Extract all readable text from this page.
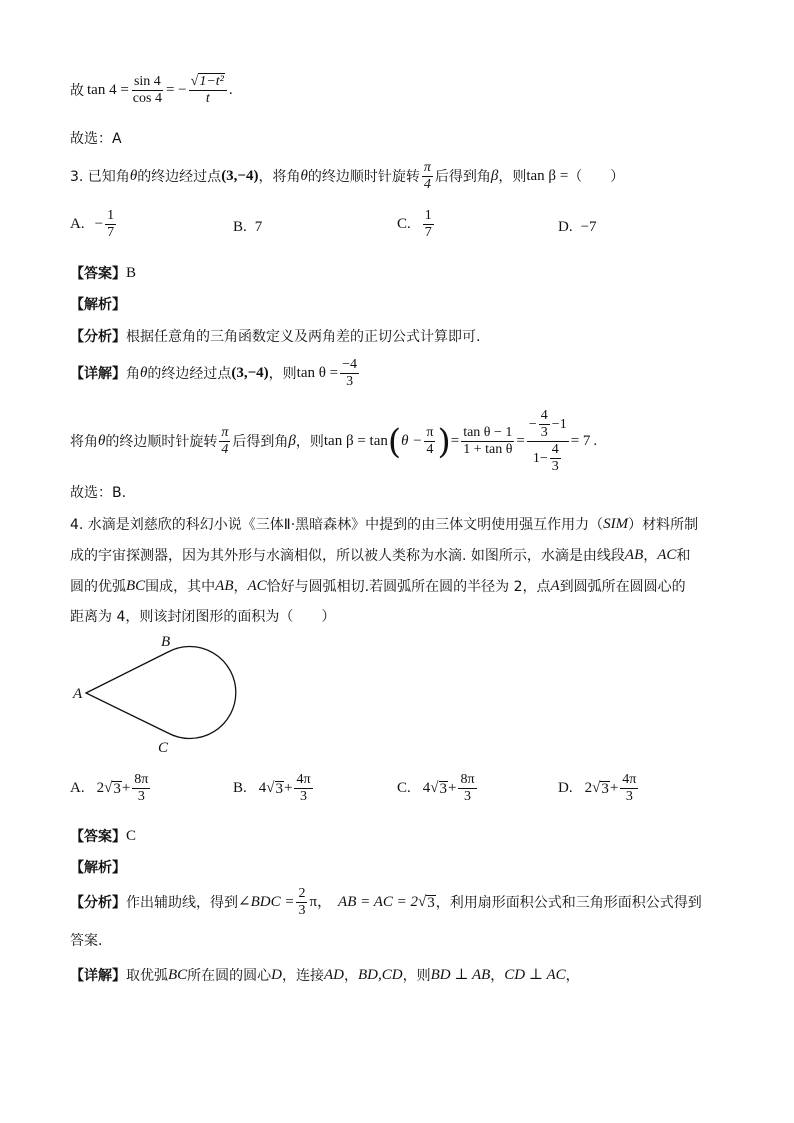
故 $\tan 4 = \frac{\sin 4}{\cos 4}$ = − $\frac{\text{√1−t²}}{t}$ .
故选：A
3. 已知角 θ 的终边经过点 (3,−4) ，将角 θ 的终边顺时针旋转 $\frac{\pi}{4}$ 后得到角 β ，则 tan β = （　　）
A. − $\frac{1}{7}$	B. 7	C. $\frac{1}{7}$	D. −7
【答案】 B
【解析】
【分析】 根据任意角的三角函数定义及两角差的正切公式计算即可.
【详解】 角 θ 的终边经过点 (3,−4) ，则 $\tan \theta = \frac{-4}{3}$
将角 θ 的终边顺时针旋转 $\frac{\pi}{4}$ 后得到角 β ，则 tan β = tan ( $\theta - \frac{\pi}{4}$ ) = $\frac{\text{tan θ − 1}}{\text{1 + tan θ}} = \frac{- \frac{4}{3} -1}{1- \frac{4}{3}} = 7$ .
故选：B.
4. 水滴是刘慈欣的科幻小说《三体Ⅱ·黑暗森林》中提到的由三体文明使用强互作用力（ SIM ）材料所制
成的宇宙探测器，因为其外形与水滴相似，所以被人类称为水滴. 如图所示，水滴是由线段 AB ， AC 和
圆的优弧 BC 围成，其中 AB ， AC 恰好与圆弧相切.若圆弧所在圆的半径为 2，点 A 到圆弧所在圆圆心的
距离为 4，则该封闭图形的面积为（　　）
A
B
C
A. 2 √ $3 + \frac{8\pi}{3}$	B. 4 √ $3 + \frac{4\pi}{3}$	C. 4 √ $3 + \frac{8\pi}{3}$	D. 2 √ $3 + \frac{4\pi}{3}$
【答案】 C
【解析】
【分析】 作出辅助线，得到 ∠BDC = $\frac{2}{3}$ π， AB = AC = 2 √ 3 ，利用扇形面积公式和三角形面积公式得到
答案.
【详解】 取优弧 BC 所在圆的圆心 D ，连接 AD ， BD,CD ，则 BD ⊥ AB ， CD ⊥ AC ，
